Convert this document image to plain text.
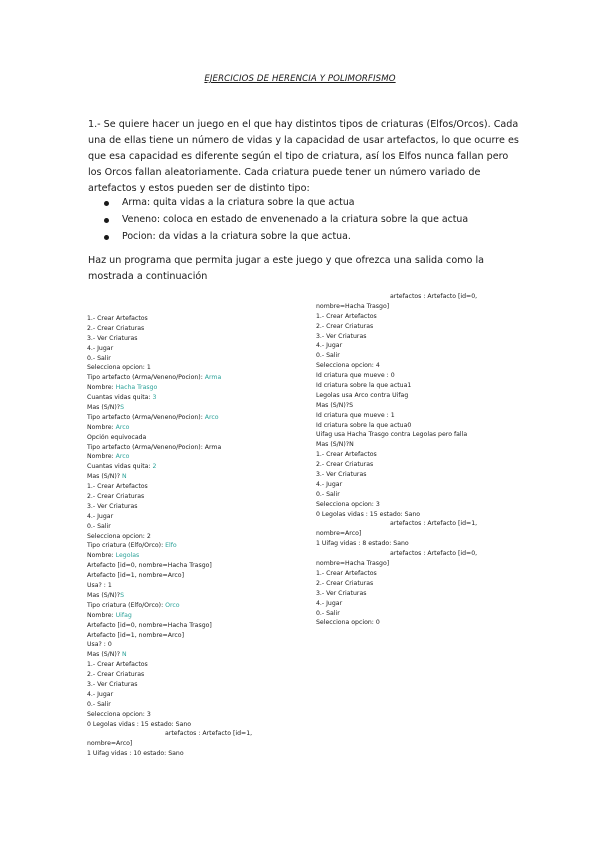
EJERCICIOS DE HERENCIA Y POLIMORFISMO

1.- Se quiere hacer un juego en el que hay distintos tipos de criaturas (Elfos/Orcos). Cada una de ellas tiene un número de vidas y la capacidad de usar artefactos, lo que ocurre es que esa capacidad es diferente según el tipo de criatura, así los Elfos nunca fallan pero los Orcos fallan aleatoriamente. Cada criatura puede tener un número variado de artefactos y estos pueden ser de distinto tipo:

Arma: quita vidas a la criatura sobre la que actua
Veneno: coloca en estado de envenenado a la criatura sobre la que actua
Pocion: da vidas a la criatura sobre la que actua.

Haz un programa que permita jugar a este juego y que ofrezca una salida como la mostrada a continuación

1.- Crear Artefactos
2.- Crear Criaturas
3.- Ver Criaturas
4.- Jugar
0.- Salir
Selecciona opcion: 1
Tipo artefacto (Arma/Veneno/Pocion): Arma
Nombre: Hacha Trasgo
Cuantas vidas quita: 3
Mas (S/N)?S
Tipo artefacto (Arma/Veneno/Pocion): Arco
Nombre: Arco
Opción equivocada
Tipo artefacto (Arma/Veneno/Pocion): Arma
Nombre: Arco
Cuantas vidas quita: 2
Mas (S/N)? N
1.- Crear Artefactos
2.- Crear Criaturas
3.- Ver Criaturas
4.- Jugar
0.- Salir
Selecciona opcion: 2
Tipo criatura (Elfo/Orco): Elfo
Nombre: Legolas
Artefacto [id=0, nombre=Hacha Trasgo]
Artefacto [id=1, nombre=Arco]
Usa? : 1
Mas (S/N)?S
Tipo criatura (Elfo/Orco): Orco
Nombre: Uifag
Artefacto [id=0, nombre=Hacha Trasgo]
Artefacto [id=1, nombre=Arco]
Usa? : 0
Mas (S/N)? N
1.- Crear Artefactos
2.- Crear Criaturas
3.- Ver Criaturas
4.- Jugar
0.- Salir
Selecciona opcion: 3
0 Legolas vidas : 15 estado: Sano
artefactos : Artefacto [id=1,
nombre=Arco]
1 Uifag vidas : 10 estado: Sano
artefactos : Artefacto [id=0,
nombre=Hacha Trasgo]
1.- Crear Artefactos
2.- Crear Criaturas
3.- Ver Criaturas
4.- Jugar
0.- Salir
Selecciona opcion: 4
Id criatura que mueve : 0
Id criatura sobre la que actua1
Legolas usa Arco contra Uifag
Mas (S/N)?S
Id criatura que mueve : 1
Id criatura sobre la que actua0
Uifag usa Hacha Trasgo contra Legolas pero falla
Mas (S/N)?N
1.- Crear Artefactos
2.- Crear Criaturas
3.- Ver Criaturas
4.- Jugar
0.- Salir
Selecciona opcion: 3
0 Legolas vidas : 15 estado: Sano
artefactos : Artefacto [id=1,
nombre=Arco]
1 Uifag vidas : 8 estado: Sano
artefactos : Artefacto [id=0,
nombre=Hacha Trasgo]
1.- Crear Artefactos
2.- Crear Criaturas
3.- Ver Criaturas
4.- Jugar
0.- Salir
Selecciona opcion: 0
